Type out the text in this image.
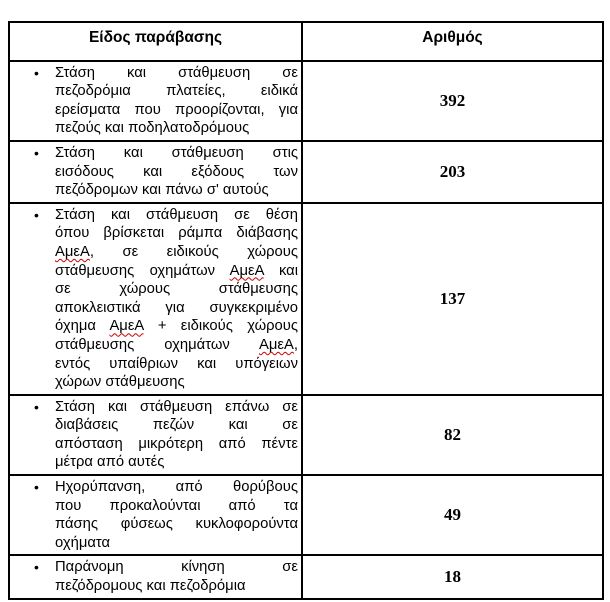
Είδος παράβασης	Αριθμός

• Στάση και στάθμευση σε
πεζοδρόμια πλατείες, ειδικά
ερείσματα που προορίζονται, για
πεζούς και ποδηλατοδρόμους	392

• Στάση και στάθμευση στις
εισόδους και εξόδους των
πεζόδρομων και πάνω σ' αυτούς	203

• Στάση και στάθμευση σε θέση
όπου βρίσκεται ράμπα διάβασης
ΑμεΑ, σε ειδικούς χώρους
στάθμευσης οχημάτων ΑμεΑ και
σε χώρους στάθμευσης
αποκλειστικά για συγκεκριμένο
όχημα ΑμεΑ + ειδικούς χώρους
στάθμευσης οχημάτων ΑμεΑ,
εντός υπαίθριων και υπόγειων
χώρων στάθμευσης
	137

• Στάση και στάθμευση επάνω σε
διαβάσεις πεζών και σε
απόσταση μικρότερη από πέντε
μέτρα από αυτές	82

• Ηχορύπανση, από θορύβους
που προκαλούνται από τα
πάσης φύσεως κυκλοφορούντα
οχήματα	49

• Παράνομη κίνηση σε
πεζόδρομους και πεζοδρόμια	18
